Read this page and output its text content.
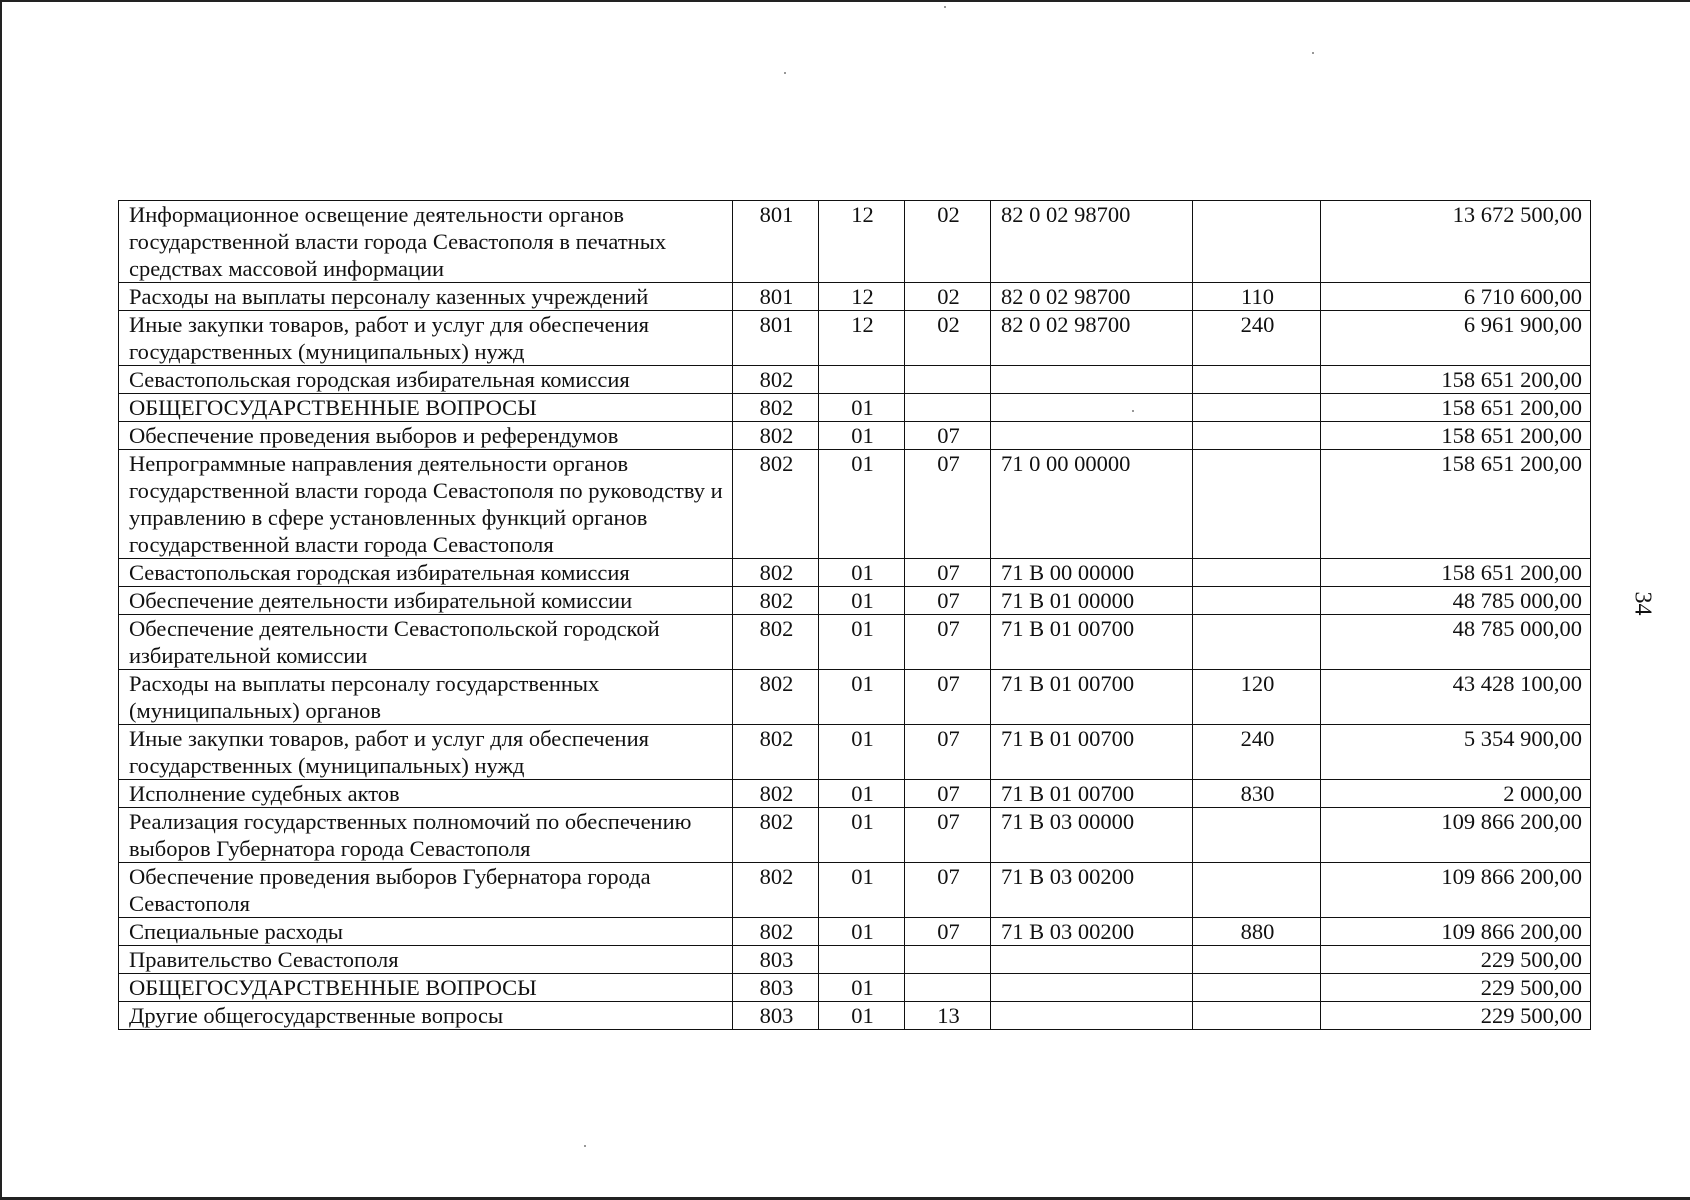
34
Информационное освещение деятельности органов государственной власти города Севастополя в печатных средствах массовой информации	801	12	02	82 0 02 98700		13 672 500,00
Расходы на выплаты персоналу казенных учреждений	801	12	02	82 0 02 98700	110	6 710 600,00
Иные закупки товаров, работ и услуг для обеспечения государственных (муниципальных) нужд	801	12	02	82 0 02 98700	240	6 961 900,00
Севастопольская городская избирательная комиссия	802					158 651 200,00
ОБЩЕГОСУДАРСТВЕННЫЕ ВОПРОСЫ	802	01				158 651 200,00
Обеспечение проведения выборов и референдумов	802	01	07			158 651 200,00
Непрограммные направления деятельности органов государственной власти города Севастополя по руководству и управлению в сфере установленных функций органов государственной власти города Севастополя	802	01	07	71 0 00 00000		158 651 200,00
Севастопольская городская избирательная комиссия	802	01	07	71 В 00 00000		158 651 200,00
Обеспечение деятельности избирательной комиссии	802	01	07	71 В 01 00000		48 785 000,00
Обеспечение деятельности Севастопольской городской избирательной комиссии	802	01	07	71 В 01 00700		48 785 000,00
Расходы на выплаты персоналу государственных (муниципальных) органов	802	01	07	71 В 01 00700	120	43 428 100,00
Иные закупки товаров, работ и услуг для обеспечения государственных (муниципальных) нужд	802	01	07	71 В 01 00700	240	5 354 900,00
Исполнение судебных актов	802	01	07	71 В 01 00700	830	2 000,00
Реализация государственных полномочий по обеспечению выборов Губернатора города Севастополя	802	01	07	71 В 03 00000		109 866 200,00
Обеспечение проведения выборов Губернатора города Севастополя	802	01	07	71 В 03 00200		109 866 200,00
Специальные расходы	802	01	07	71 В 03 00200	880	109 866 200,00
Правительство Севастополя	803					229 500,00
ОБЩЕГОСУДАРСТВЕННЫЕ ВОПРОСЫ	803	01				229 500,00
Другие общегосударственные вопросы	803	01	13			229 500,00
